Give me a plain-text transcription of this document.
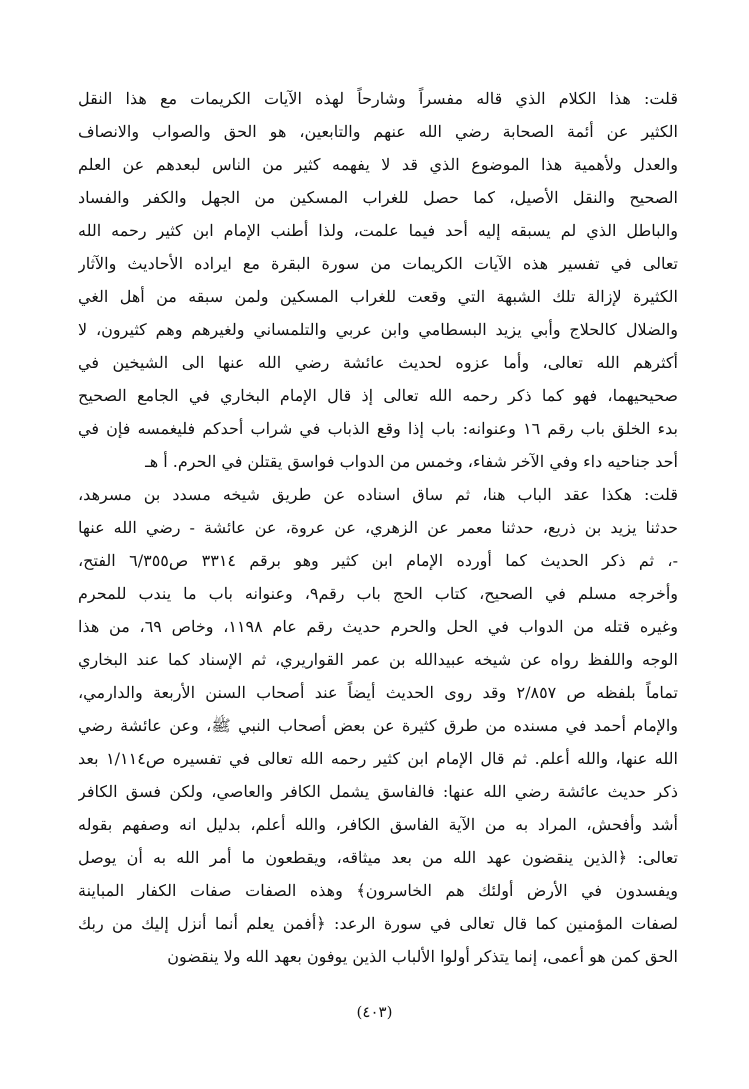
قلت: هذا الكلام الذي قاله مفسراً وشارحاً لهذه الآيات الكريمات مع هذا النقل
الكثير عن أئمة الصحابة رضي الله عنهم والتابعين، هو الحق والصواب والانصاف
والعدل ولأهمية هذا الموضوع الذي قد لا يفهمه كثير من الناس لبعدهم عن العلم
الصحيح والنقل الأصيل، كما حصل للغراب المسكين من الجهل والكفر والفساد
والباطل الذي لم يسبقه إليه أحد فيما علمت، ولذا أطنب الإمام ابن كثير رحمه الله
تعالى في تفسير هذه الآيات الكريمات من سورة البقرة مع ايراده الأحاديث والآثار
الكثيرة لإزالة تلك الشبهة التي وقعت للغراب المسكين ولمن سبقه من أهل الغي
والضلال كالحلاج وأبي يزيد البسطامي وابن عربي والتلمساني ولغيرهم وهم كثيرون، لا
أكثرهم الله تعالى، وأما عزوه لحديث عائشة رضي الله عنها الى الشيخين في
صحيحيهما، فهو كما ذكر رحمه الله تعالى إذ قال الإمام البخاري في الجامع الصحيح
بدء الخلق باب رقم ١٦ وعنوانه: باب إذا وقع الذباب في شراب أحدكم فليغمسه فإن في
أحد جناحيه داء وفي الآخر شفاء، وخمس من الدواب فواسق يقتلن في الحرم. أ هـ
قلت: هكذا عقد الباب هنا، ثم ساق اسناده عن طريق شيخه مسدد بن مسرهد،
حدثنا يزيد بن ذريع، حدثنا معمر عن الزهري، عن عروة، عن عائشة - رضي الله عنها
-، ثم ذكر الحديث كما أورده الإمام ابن كثير وهو برقم ٣٣١٤ ص٦/٣٥٥ الفتح،
وأخرجه مسلم في الصحيح، كتاب الحج باب رقم٩، وعنوانه باب ما يندب للمحرم
وغيره قتله من الدواب في الحل والحرم حديث رقم عام ١١٩٨، وخاص ٦٩، من هذا
الوجه واللفظ رواه عن شيخه عبيدالله بن عمر القواريري، ثم الإسناد كما عند البخاري
تماماً بلفظه ص ٢/٨٥٧ وقد روى الحديث أيضاً عند أصحاب السنن الأربعة والدارمي،
والإمام أحمد في مسنده من طرق كثيرة عن بعض أصحاب النبي ﷺ، وعن عائشة رضي
الله عنها، والله أعلم. ثم قال الإمام ابن كثير رحمه الله تعالى في تفسيره ص١/١١٤ بعد
ذكر حديث عائشة رضي الله عنها: فالفاسق يشمل الكافر والعاصي، ولكن فسق الكافر
أشد وأفحش، المراد به من الآية الفاسق الكافر، والله أعلم، بدليل انه وصفهم بقوله
تعالى: ﴿الذين ينقضون عهد الله من بعد ميثاقه، ويقطعون ما أمر الله به أن يوصل
ويفسدون في الأرض أولئك هم الخاسرون﴾ وهذه الصفات صفات الكفار المباينة
لصفات المؤمنين كما قال تعالى في سورة الرعد: ﴿أفمن يعلم أنما أنزل إليك من ربك
الحق كمن هو أعمى، إنما يتذكر أولوا الألباب الذين يوفون بعهد الله ولا ينقضون
(٤٠٣)
